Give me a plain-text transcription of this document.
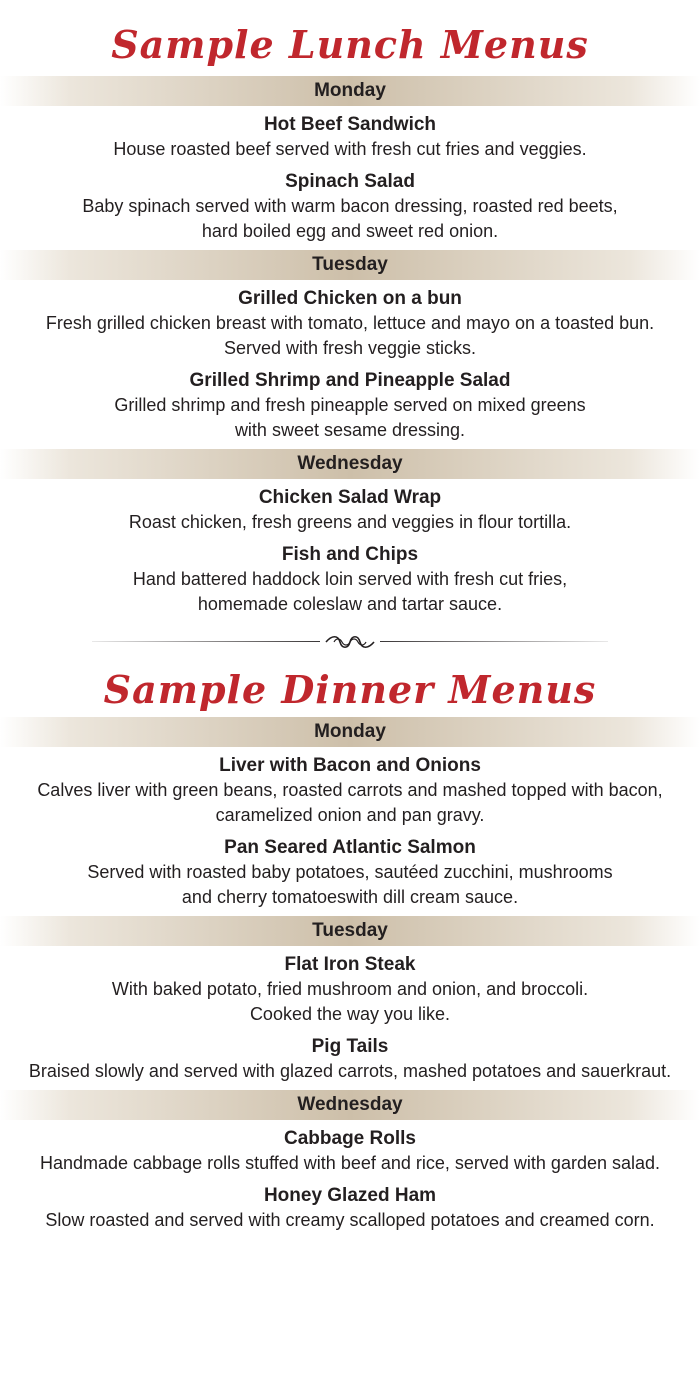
Sample Lunch Menus
Monday

Hot Beef Sandwich

House roasted beef served with fresh cut fries and veggies.

Spinach Salad

Baby spinach served with warm bacon dressing, roasted red beets,
hard boiled egg and sweet red onion.

Tuesday

Grilled Chicken on a bun

Fresh grilled chicken breast with tomato, lettuce and mayo on a toasted bun.
Served with fresh veggie sticks.

Grilled Shrimp and Pineapple Salad

Grilled shrimp and fresh pineapple served on mixed greens
with sweet sesame dressing.

Wednesday

Chicken Salad Wrap

Roast chicken, fresh greens and veggies in flour tortilla.

Fish and Chips

Hand battered haddock loin served with fresh cut fries,
homemade coleslaw and tartar sauce.

Sample Dinner Menus
Monday

Liver with Bacon and Onions

Calves liver with green beans, roasted carrots and mashed topped with bacon,
caramelized onion and pan gravy.

Pan Seared Atlantic Salmon

Served with roasted baby potatoes, sautéed zucchini, mushrooms
and cherry tomatoeswith dill cream sauce.

Tuesday

Flat Iron Steak

With baked potato, fried mushroom and onion, and broccoli.
Cooked the way you like.

Pig Tails

Braised slowly and served with glazed carrots, mashed potatoes and sauerkraut.

Wednesday

Cabbage Rolls

Handmade cabbage rolls stuffed with beef and rice, served with garden salad.

Honey Glazed Ham

Slow roasted and served with creamy scalloped potatoes and creamed corn.
